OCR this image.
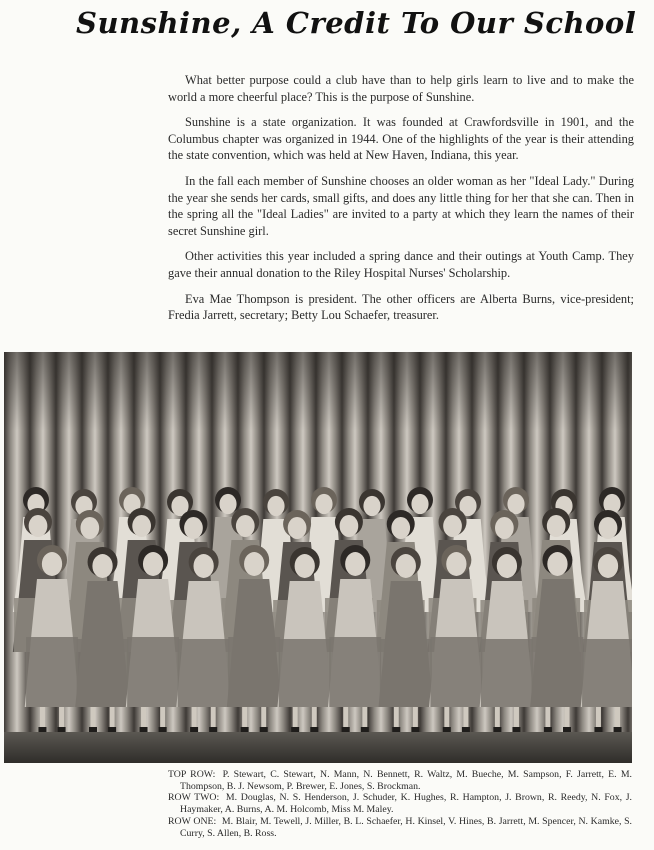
Sunshine, A Credit To Our School

What better purpose could a club have than to help girls learn to live and to make the world a more cheerful place? This is the purpose of Sunshine.

Sunshine is a state organization. It was founded at Crawfordsville in 1901, and the Columbus chapter was organized in 1944. One of the highlights of the year is their attending the state convention, which was held at New Haven, Indiana, this year.

In the fall each member of Sunshine chooses an older woman as her "Ideal Lady." During the year she sends her cards, small gifts, and does any little thing for her that she can. Then in the spring all the "Ideal Ladies" are invited to a party at which they learn the names of their secret Sunshine girl.

Other activities this year included a spring dance and their outings at Youth Camp. They gave their annual donation to the Riley Hospital Nurses' Scholarship.

Eva Mae Thompson is president. The other officers are Alberta Burns, vice-president; Fredia Jarrett, secretary; Betty Lou Schaefer, treasurer.

TOP ROW: P. Stewart, C. Stewart, N. Mann, N. Bennett, R. Waltz, M. Bueche, M. Sampson, F. Jarrett, E. M. Thompson, B. J. Newsom, P. Brewer, E. Jones, S. Brockman.

ROW TWO: M. Douglas, N. S. Henderson, J. Schuder, K. Hughes, R. Hampton, J. Brown, R. Reedy, N. Fox, J. Haymaker, A. Burns, A. M. Holcomb, Miss M. Maley.

ROW ONE: M. Blair, M. Tewell, J. Miller, B. L. Schaefer, H. Kinsel, V. Hines, B. Jarrett, M. Spencer, N. Kamke, S. Curry, S. Allen, B. Ross.
